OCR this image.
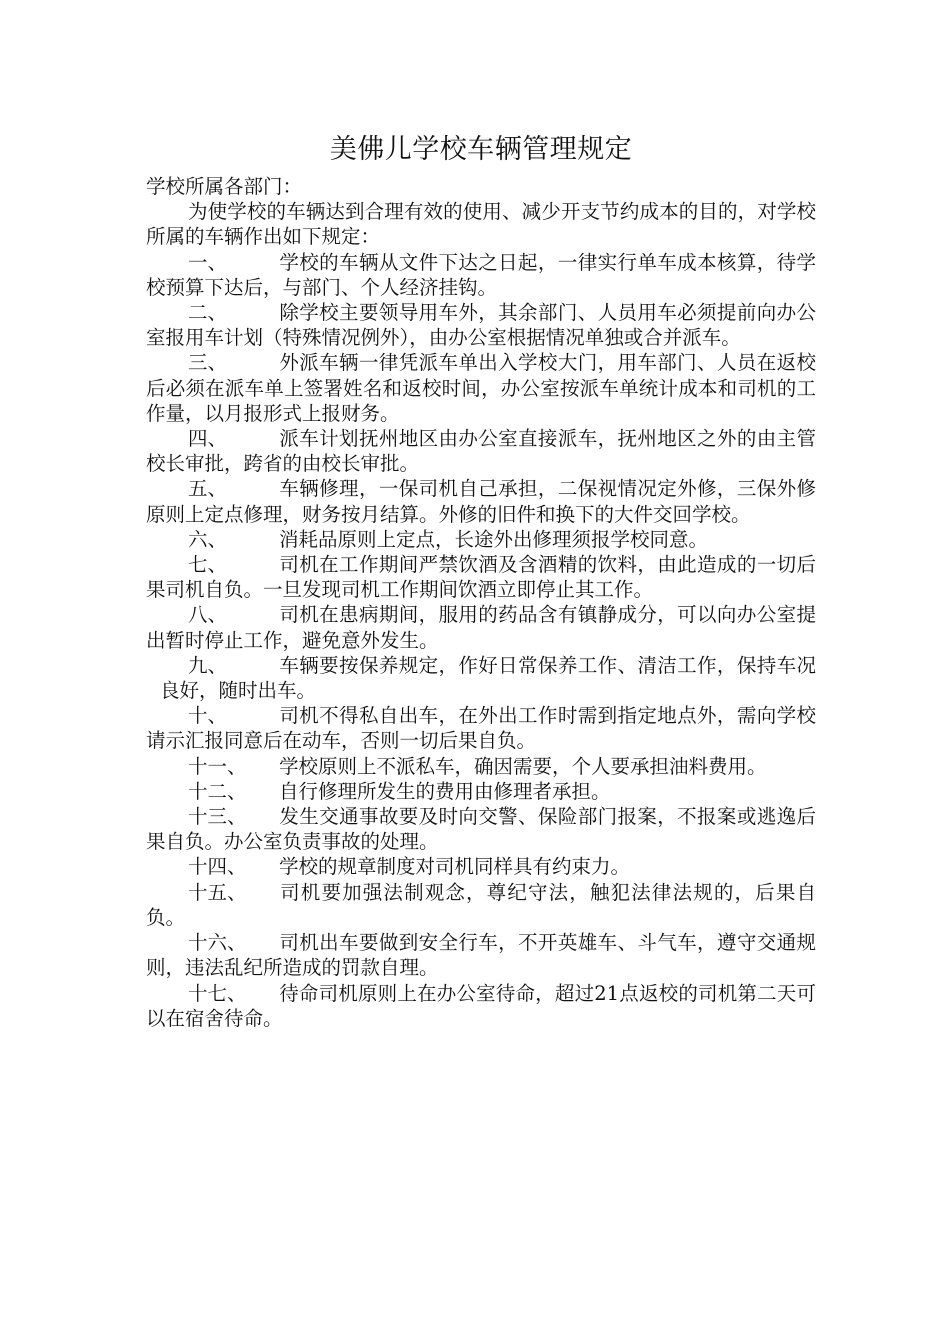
美佛儿学校车辆管理规定

学校所属各部门：

为使学校的车辆达到合理有效的使用、减少开支节约成本的目的，对学校所属的车辆作出如下规定：

一、	学校的车辆从文件下达之日起，一律实行单车成本核算，待学校预算下达后，与部门、个人经济挂钩。

二、	除学校主要领导用车外，其余部门、人员用车必须提前向办公室报用车计划（特殊情况例外），由办公室根据情况单独或合并派车。

三、	外派车辆一律凭派车单出入学校大门，用车部门、人员在返校后必须在派车单上签署姓名和返校时间，办公室按派车单统计成本和司机的工作量，以月报形式上报财务。

四、	派车计划抚州地区由办公室直接派车，抚州地区之外的由主管校长审批，跨省的由校长审批。

五、	车辆修理，一保司机自己承担，二保视情况定外修，三保外修原则上定点修理，财务按月结算。外修的旧件和换下的大件交回学校。

六、	消耗品原则上定点，长途外出修理须报学校同意。

七、	司机在工作期间严禁饮酒及含酒精的饮料，由此造成的一切后果司机自负。一旦发现司机工作期间饮酒立即停止其工作。

八、	司机在患病期间，服用的药品含有镇静成分，可以向办公室提出暂时停止工作，避免意外发生。

九、	车辆要按保养规定，作好日常保养工作、清洁工作，保持车况良好，随时出车。

十、	司机不得私自出车，在外出工作时需到指定地点外，需向学校请示汇报同意后在动车，否则一切后果自负。

十一、 学校原则上不派私车，确因需要，个人要承担油料费用。

十二、 自行修理所发生的费用由修理者承担。

十三、 发生交通事故要及时向交警、保险部门报案，不报案或逃逸后果自负。办公室负责事故的处理。

十四、 学校的规章制度对司机同样具有约束力。

十五、 司机要加强法制观念，尊纪守法，触犯法律法规的，后果自负。

十六、 司机出车要做到安全行车，不开英雄车、斗气车，遵守交通规则，违法乱纪所造成的罚款自理。

十七、 待命司机原则上在办公室待命，超过21点返校的司机第二天可以在宿舍待命。
